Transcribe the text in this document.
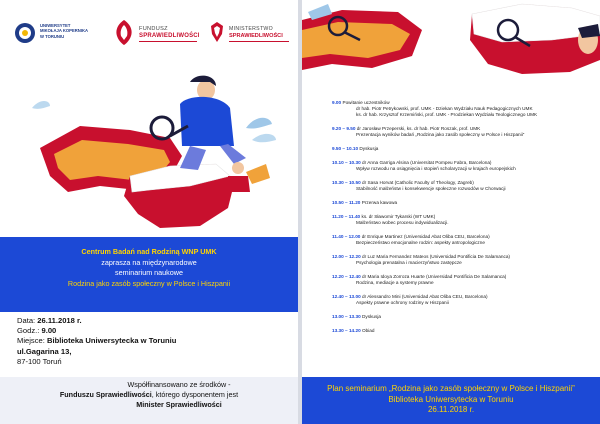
UNIWERSYTET
MIKOŁAJA KOPERNIKA
W TORUNIU
FUNDUSZ
SPRAWIEDLIWOŚCI
MINISTERSTWO
SPRAWIEDLIWOŚCI
Centrum Badań nad Rodziną WNP UMK
zaprasza na międzynarodowe
seminarium naukowe
Rodzina jako zasób społeczny w Polsce i Hiszpanii
Data: 26.11.2018 r.
Godz.: 9.00
Miejsce: Biblioteka Uniwersytecka w Toruniu
ul.Gagarina 13,
87-100 Toruń
Współfinansowano ze środków -
Funduszu Sprawiedliwości, którego dysponentem jest
Minister Sprawiedliwości
9.00 Powitanie uczestników
dr hab. Piotr Petrykowski, prof. UMK - Dziekan Wydziału Nauk Pedagogicznych UMK
ks. dr hab. Krzysztof Krzemiński, prof. UMK - Prodziekan Wydziału Teologicznego UMK
9.20 – 9.50 dr Jarosław Przeperski, ks. dr hab. Piotr Roszak, prof. UMK
Prezentacja wyników badań „Rodzina jako zasób społeczny w Polsce i Hiszpanii”
9.50 – 10.10 Dyskusja
10.10 – 10.30 dr Anna Garriga Alsina (Universitat Pompeu Fabra, Barcelona)
Wpływ rozwodu na osiągnięcia i stopień scholaryzacji w krajach europejskich
10.30 – 10.50 dr Sasa Horvat (Catholic Faculty of Theology, Zagreb)
Stabilność małżeństw i konsekwencje społeczne rozwodów w Chorwacji
10.50 – 11.20 Przerwa kawowa
11.20 – 11.40 ks. dr Sławomir Tykarski (WT UMK)
Małżeństwo wobec procesu indywidualizacji.
11.40 – 12.00 dr Enrique Martinez (Universidad Abat Oliba CEU, Barcelona)
Bezpieczeństwo emocjonalne rodzin: aspekty antropologiczne
12.00 – 12.20 dr Luz Maria Fernandez Mateos (Universidad Pontificia De Salamanca)
Psychologia prenatalna i macierzyństwo zastępcze
12.20 – 12.40 dr Maria Idoya Zorroza Huarte (Universidad Pontificia De Salamanca)
Rodzina, mediacje a systemy prawne
12.40 – 13.00 dr Alessandro Mini (Universidad Abat Oliba CEU, Barcelona)
Aspekty prawne ochrony rodziny w Hiszpanii
13.00 – 13.30 Dyskusja
13.30 – 14.20 Obiad
Plan seminarium „Rodzina jako zasób społeczny w Polsce i Hiszpanii”
Biblioteka Uniwersytecka w Toruniu
26.11.2018 r.
